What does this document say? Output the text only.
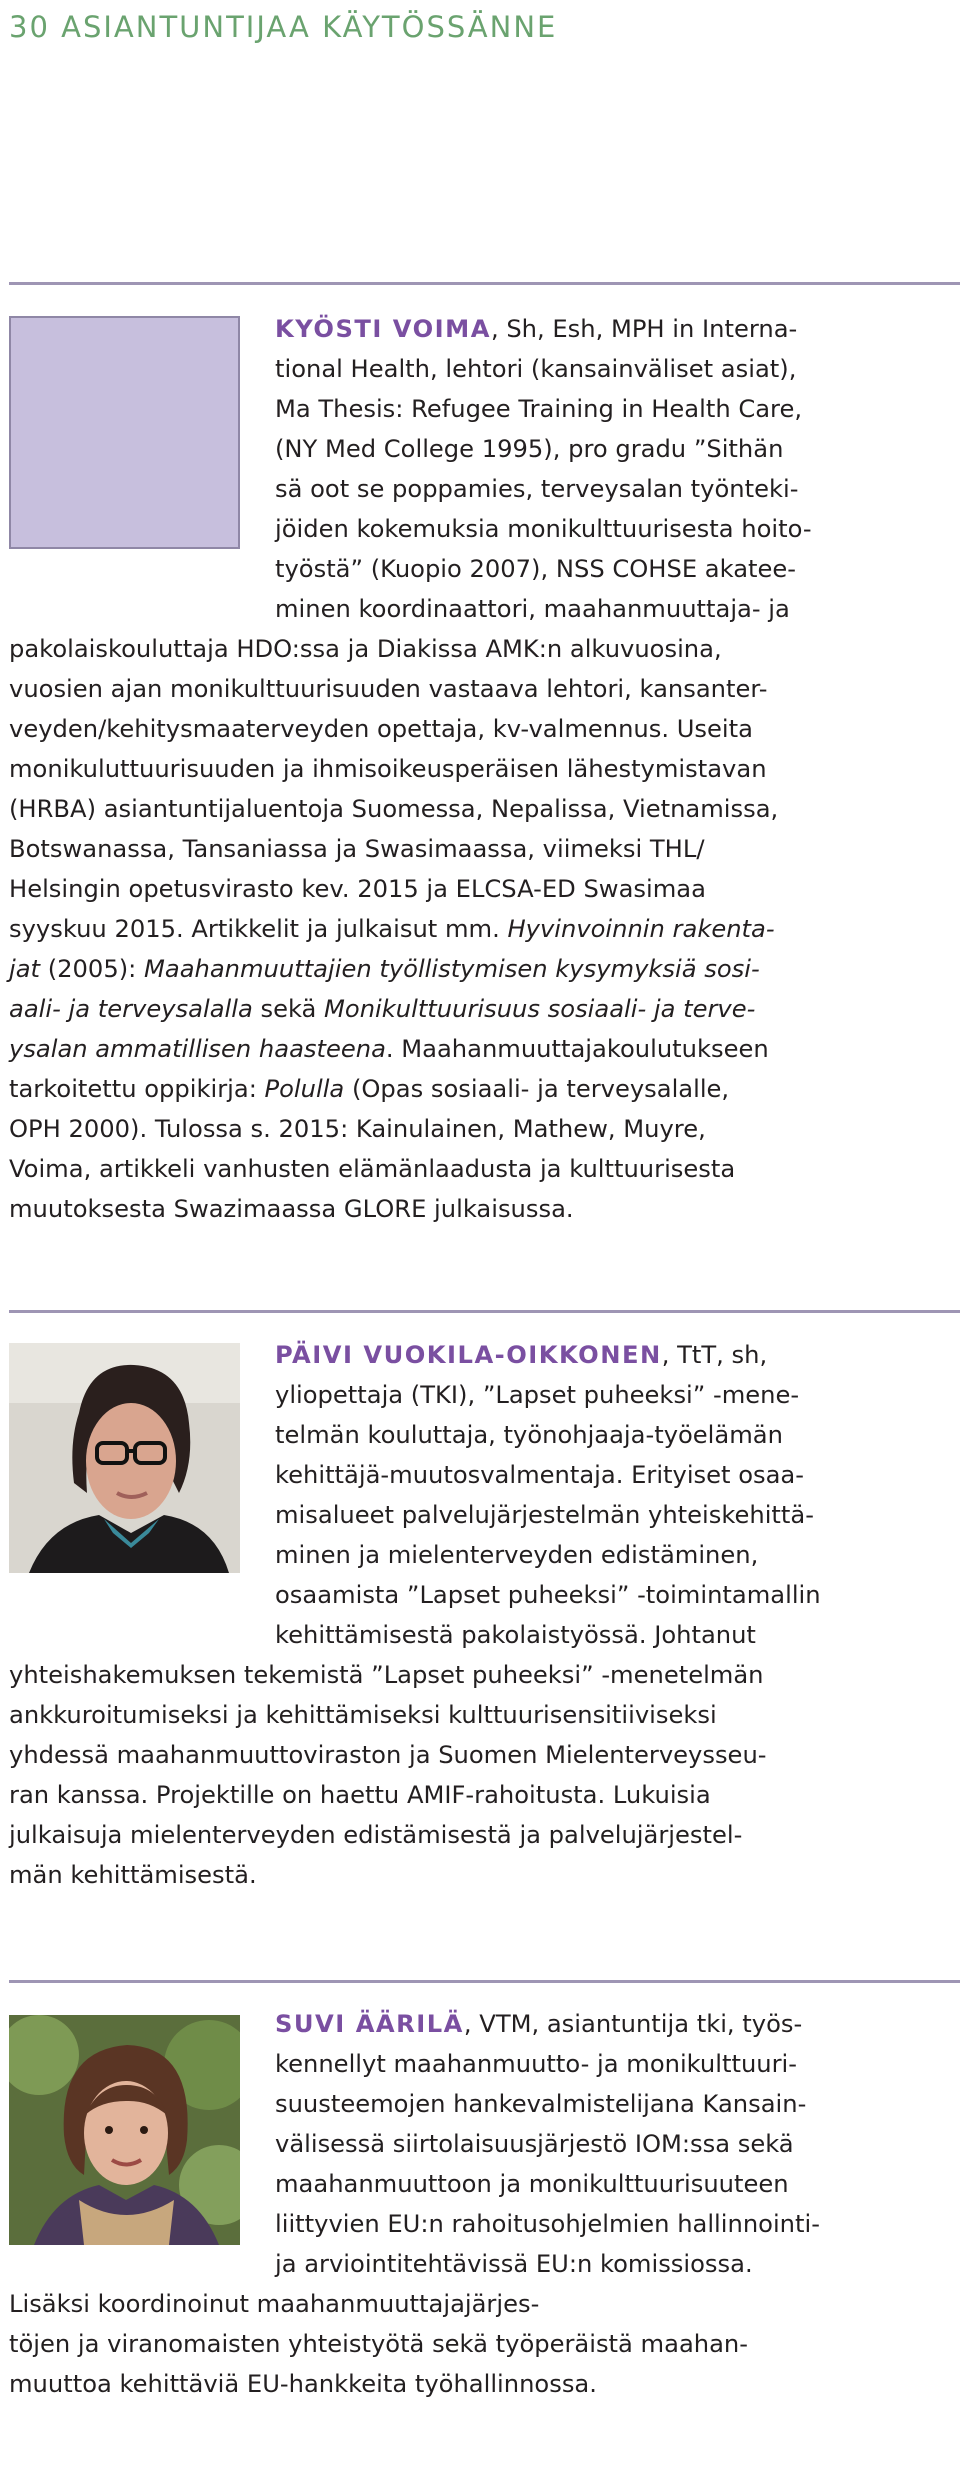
30 ASIANTUNTIJAA KÄYTÖSSÄNNE
KYÖSTI VOIMA, Sh, Esh, MPH in Interna-
tional Health, lehtori (kansainväliset asiat),
Ma Thesis: Refugee Training in Health Care,
(NY Med College 1995), pro gradu ”Sithän
sä oot se poppamies, terveysalan työnteki-
jöiden kokemuksia monikulttuurisesta hoito-
työstä” (Kuopio 2007), NSS COHSE akatee-
minen koordinaattori, maahanmuuttaja- ja
pakolaiskouluttaja HDO:ssa ja Diakissa AMK:n alkuvuosina,
vuosien ajan monikulttuurisuuden vastaava lehtori, kansanter-
veyden/kehitysmaaterveyden opettaja, kv-valmennus. Useita
monikuluttuurisuuden ja ihmisoikeusperäisen lähestymistavan
(HRBA) asiantuntijaluentoja Suomessa, Nepalissa, Vietnamissa,
Botswanassa, Tansaniassa ja Swasimaassa, viimeksi THL/
Helsingin opetusvirasto kev. 2015 ja ELCSA-ED Swasimaa
syyskuu 2015. Artikkelit ja julkaisut mm. Hyvinvoinnin rakenta-
jat (2005): Maahanmuuttajien työllistymisen kysymyksiä sosi-
aali- ja terveysalalla sekä Monikulttuurisuus sosiaali- ja terve-
ysalan ammatillisen haasteena. Maahanmuuttajakoulutukseen
tarkoitettu oppikirja: Polulla (Opas sosiaali- ja terveysalalle,
OPH 2000). Tulossa s. 2015: Kainulainen, Mathew, Muyre,
Voima, artikkeli vanhusten elämänlaadusta ja kulttuurisesta
muutoksesta Swazimaassa GLORE julkaisussa.
PÄIVI VUOKILA-OIKKONEN, TtT, sh,
yliopettaja (TKI), ”Lapset puheeksi” -mene-
telmän kouluttaja, työnohjaaja-työelämän
kehittäjä-muutosvalmentaja. Erityiset osaa-
misalueet palvelujärjestelmän yhteiskehittä-
minen ja mielenterveyden edistäminen,
osaamista ”Lapset puheeksi” -toimintamallin
kehittämisestä pakolaistyössä. Johtanut
yhteishakemuksen tekemistä ”Lapset puheeksi” -menetelmän
ankkuroitumiseksi ja kehittämiseksi kulttuurisensitiiviseksi
yhdessä maahanmuuttoviraston ja Suomen Mielenterveysseu-
ran kanssa. Projektille on haettu AMIF-rahoitusta. Lukuisia
julkaisuja mielenterveyden edistämisestä ja palvelujärjestel-
män kehittämisestä.
SUVI ÄÄRILÄ, VTM, asiantuntija tki, työs-
kennellyt maahanmuutto- ja monikulttuuri-
suusteemojen hankevalmistelijana Kansain-
välisessä siirtolaisuusjärjestö IOM:ssa sekä
maahanmuuttoon ja monikulttuurisuuteen
liittyvien EU:n rahoitusohjelmien hallinnointi-
ja arviointitehtävissä EU:n komissiossa.
Lisäksi koordinoinut maahanmuuttajajärjes-
töjen ja viranomaisten yhteistyötä sekä työperäistä maahan-
muuttoa kehittäviä EU-hankkeita työhallinnossa.
